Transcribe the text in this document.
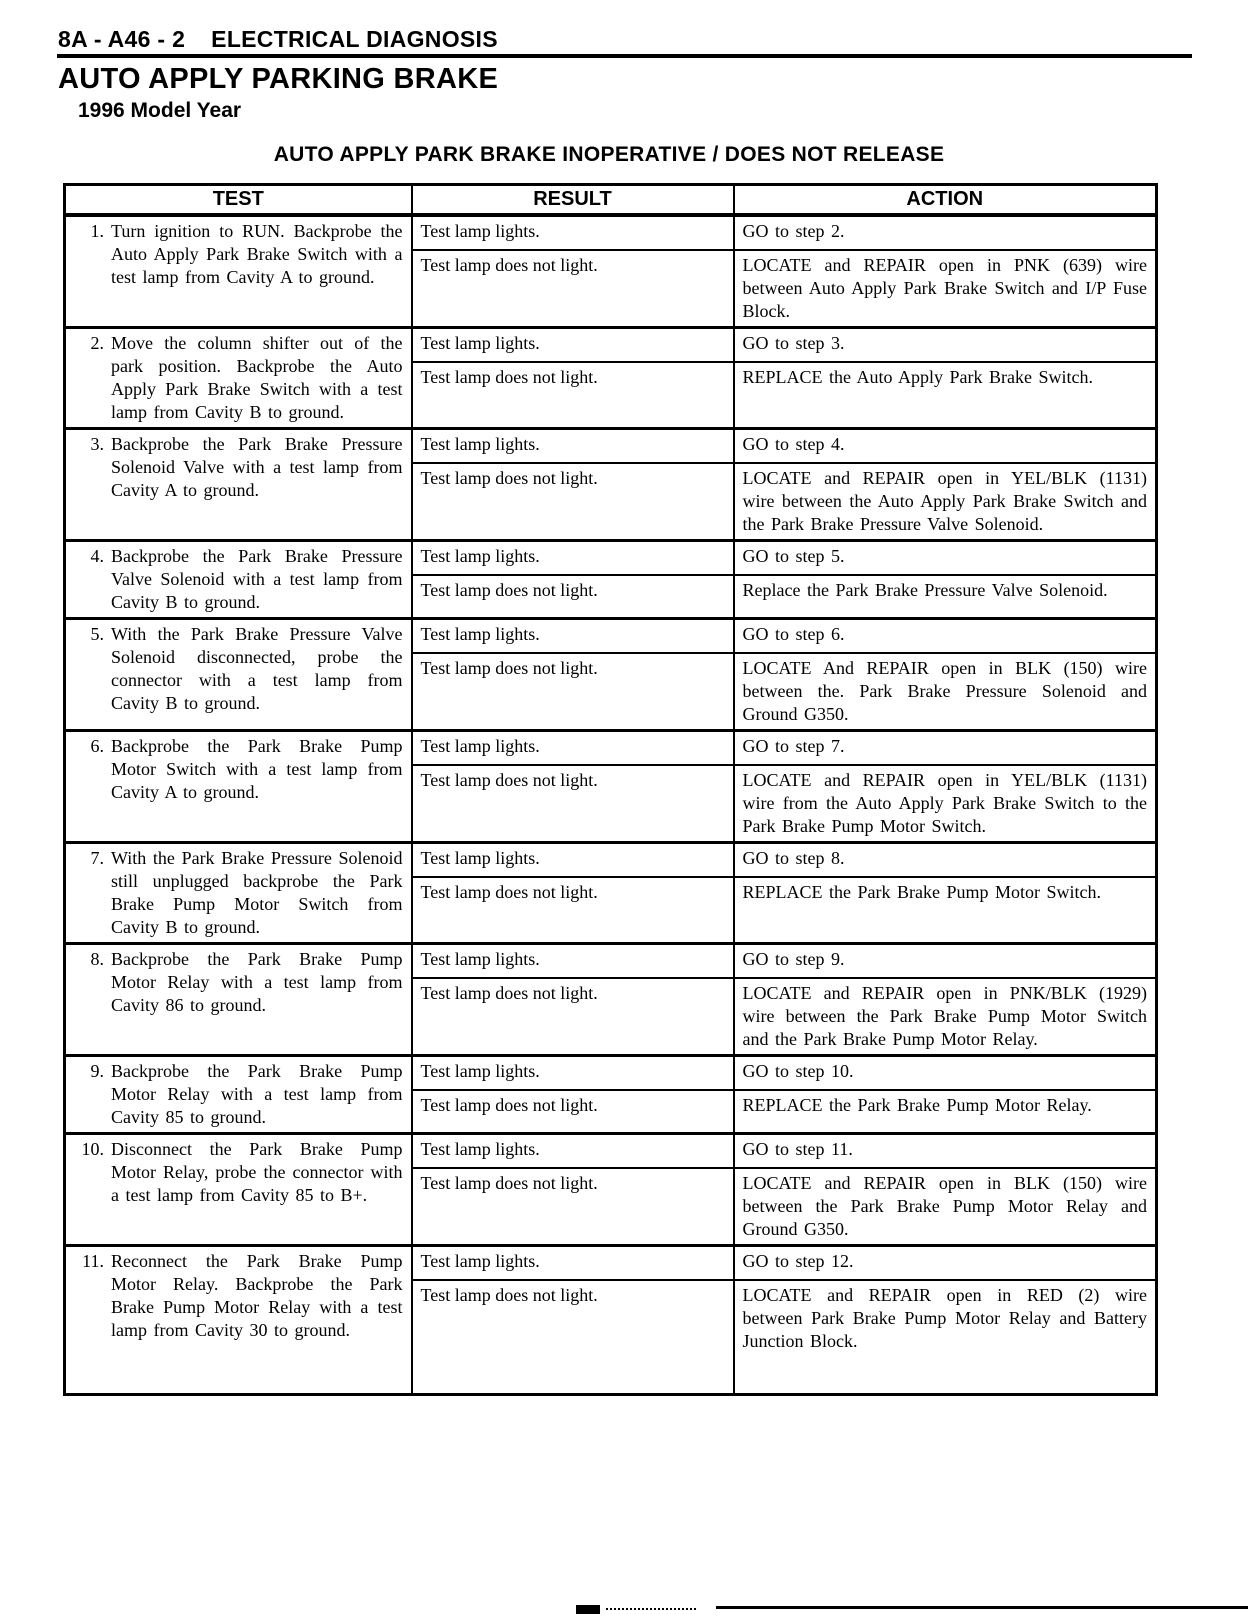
8A - A46 - 2 ELECTRICAL DIAGNOSIS
AUTO APPLY PARKING BRAKE
1996 Model Year
AUTO APPLY PARK BRAKE INOPERATIVE / DOES NOT RELEASE
TEST	RESULT	ACTION

1. Turn ignition to RUN. Backprobe the Auto Apply Park Brake Switch with a test lamp from Cavity A to ground.	Test lamp lights.	GO to step 2.
	Test lamp does not light.	LOCATE and REPAIR open in PNK (639) wire between Auto Apply Park Brake Switch and I/P Fuse Block.

2. Move the column shifter out of the park position. Backprobe the Auto Apply Park Brake Switch with a test lamp from Cavity B to ground.	Test lamp lights.	GO to step 3.
	Test lamp does not light.	REPLACE the Auto Apply Park Brake Switch.

3. Backprobe the Park Brake Pressure Solenoid Valve with a test lamp from Cavity A to ground.	Test lamp lights.	GO to step 4.
	Test lamp does not light.	LOCATE and REPAIR open in YEL/BLK (1131) wire between the Auto Apply Park Brake Switch and the Park Brake Pressure Valve Solenoid.

4. Backprobe the Park Brake Pressure Valve Solenoid with a test lamp from Cavity B to ground.	Test lamp lights.	GO to step 5.
	Test lamp does not light.	Replace the Park Brake Pressure Valve Solenoid.

5. With the Park Brake Pressure Valve Solenoid disconnected, probe the connector with a test lamp from Cavity B to ground.	Test lamp lights.	GO to step 6.
	Test lamp does not light.	LOCATE And REPAIR open in BLK (150) wire between the. Park Brake Pressure Solenoid and Ground G350.

6. Backprobe the Park Brake Pump Motor Switch with a test lamp from Cavity A to ground.	Test lamp lights.	GO to step 7.
	Test lamp does not light.	LOCATE and REPAIR open in YEL/BLK (1131) wire from the Auto Apply Park Brake Switch to the Park Brake Pump Motor Switch.

7. With the Park Brake Pressure Solenoid still unplugged backprobe the Park Brake Pump Motor Switch from Cavity B to ground.	Test lamp lights.	GO to step 8.
	Test lamp does not light.	REPLACE the Park Brake Pump Motor Switch.

8. Backprobe the Park Brake Pump Motor Relay with a test lamp from Cavity 86 to ground.	Test lamp lights.	GO to step 9.
	Test lamp does not light.	LOCATE and REPAIR open in PNK/BLK (1929) wire between the Park Brake Pump Motor Switch and the Park Brake Pump Motor Relay.

9. Backprobe the Park Brake Pump Motor Relay with a test lamp from Cavity 85 to ground.	Test lamp lights.	GO to step 10.
	Test lamp does not light.	REPLACE the Park Brake Pump Motor Relay.

10. Disconnect the Park Brake Pump Motor Relay, probe the connector with a test lamp from Cavity 85 to B+.	Test lamp lights.	GO to step 11.
	Test lamp does not light.	LOCATE and REPAIR open in BLK (150) wire between the Park Brake Pump Motor Relay and Ground G350.

11. Reconnect the Park Brake Pump Motor Relay. Backprobe the Park Brake Pump Motor Relay with a test lamp from Cavity 30 to ground.	Test lamp lights.	GO to step 12.
	Test lamp does not light.	LOCATE and REPAIR open in RED (2) wire between Park Brake Pump Motor Relay and Battery Junction Block.
